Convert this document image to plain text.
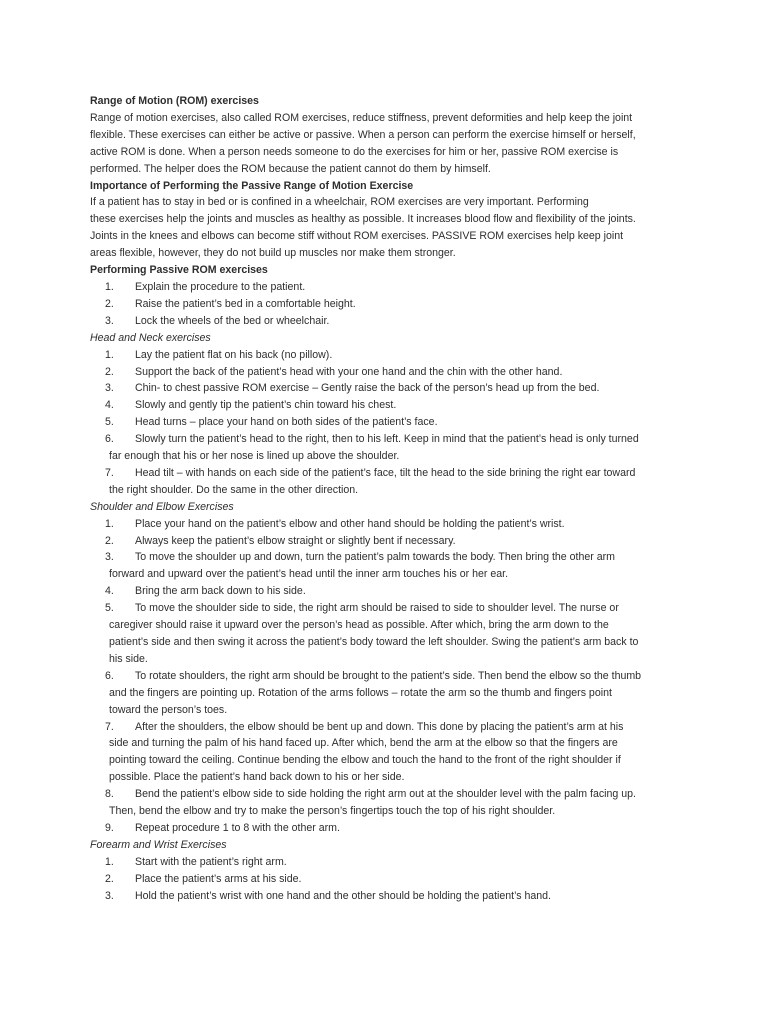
Range of Motion (ROM) exercises
Range of motion exercises, also called ROM exercises, reduce stiffness, prevent deformities and help keep the joint
flexible. These exercises can either be active or passive. When a person can perform the exercise himself or herself,
active ROM is done. When a person needs someone to do the exercises for him or her, passive ROM exercise is
performed. The helper does the ROM because the patient cannot do them by himself.
Importance of Performing the Passive Range of Motion Exercise
If a patient has to stay in bed or is confined in a wheelchair, ROM exercises are very important. Performing
these exercises help the joints and muscles as healthy as possible. It increases blood flow and flexibility of the joints.
Joints in the knees and elbows can become stiff without ROM exercises. PASSIVE ROM exercises help keep joint
areas flexible, however, they do not build up muscles nor make them stronger.
Performing Passive ROM exercises
1.	Explain the procedure to the patient.
2.	Raise the patient’s bed in a comfortable height.
3.	Lock the wheels of the bed or wheelchair.
Head and Neck exercises
1.	Lay the patient flat on his back (no pillow).
2.	Support the back of the patient’s head with your one hand and the chin with the other hand.
3.	Chin- to chest passive ROM exercise – Gently raise the back of the person’s head up from the bed.
4.	Slowly and gently tip the patient’s chin toward his chest.
5.	Head turns – place your hand on both sides of the patient’s face.
6.	Slowly turn the patient’s head to the right, then to his left. Keep in mind that the patient’s head is only turned
far enough that his or her nose is lined up above the shoulder.
7.	Head tilt – with hands on each side of the patient’s face, tilt the head to the side brining the right ear toward
the right shoulder. Do the same in the other direction.
Shoulder and Elbow Exercises
1.	Place your hand on the patient’s elbow and other hand should be holding the patient’s wrist.
2.	Always keep the patient’s elbow straight or slightly bent if necessary.
3.	To move the shoulder up and down, turn the patient’s palm towards the body. Then bring the other arm
forward and upward over the patient’s head until the inner arm touches his or her ear.
4.	Bring the arm back down to his side.
5.	To move the shoulder side to side, the right arm should be raised to side to shoulder level. The nurse or
caregiver should raise it upward over the person’s head as possible. After which, bring the arm down to the
patient’s side and then swing it across the patient’s body toward the left shoulder. Swing the patient’s arm back to
his side.
6.	To rotate shoulders, the right arm should be brought to the patient’s side. Then bend the elbow so the thumb
and the fingers are pointing up. Rotation of the arms follows – rotate the arm so the thumb and fingers point
toward the person’s toes.
7.	After the shoulders, the elbow should be bent up and down. This done by placing the patient’s arm at his
side and turning the palm of his hand faced up. After which, bend the arm at the elbow so that the fingers are
pointing toward the ceiling. Continue bending the elbow and touch the hand to the front of the right shoulder if
possible. Place the patient’s hand back down to his or her side.
8.	Bend the patient’s elbow side to side holding the right arm out at the shoulder level with the palm facing up.
Then, bend the elbow and try to make the person’s fingertips touch the top of his right shoulder.
9.	Repeat procedure 1 to 8 with the other arm.
Forearm and Wrist Exercises
1.	Start with the patient’s right arm.
2.	Place the patient’s arms at his side.
3.	Hold the patient’s wrist with one hand and the other should be holding the patient’s hand.
